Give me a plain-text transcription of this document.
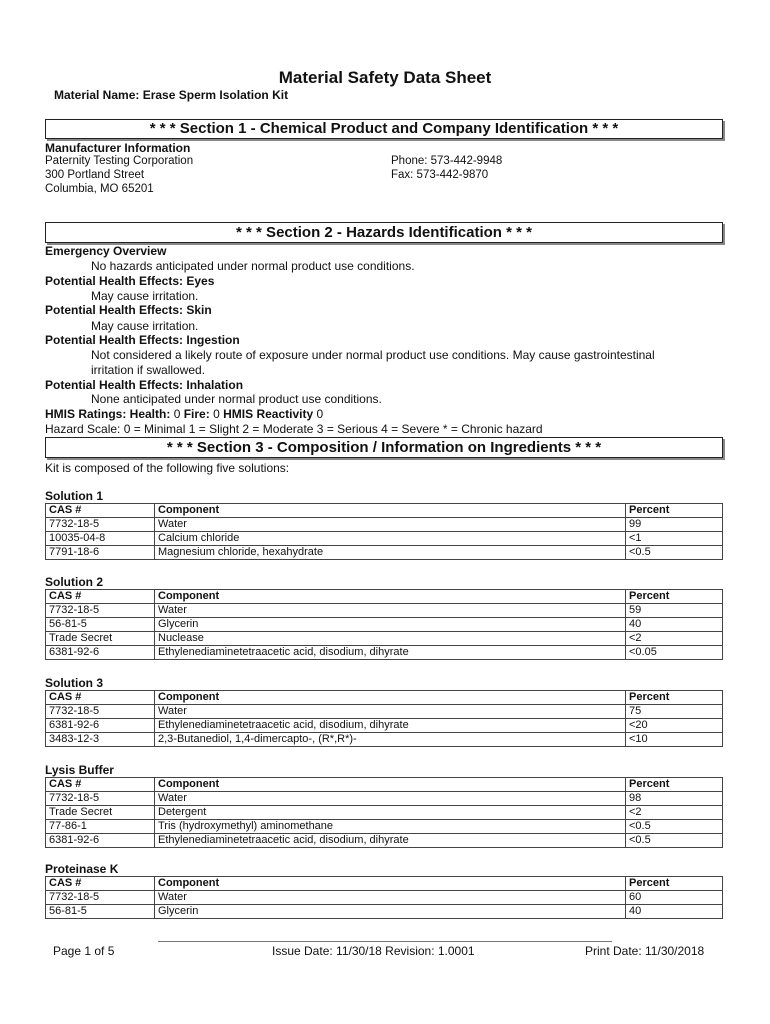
Material Safety Data Sheet
Material Name: Erase Sperm Isolation Kit
* * * Section 1 - Chemical Product and Company Identification * * *
Manufacturer Information
Paternity Testing Corporation
300 Portland Street
Columbia, MO 65201
Phone: 573-442-9948
Fax: 573-442-9870
* * * Section 2 - Hazards Identification * * *
Emergency Overview
No hazards anticipated under normal product use conditions.
Potential Health Effects: Eyes
May cause irritation.
Potential Health Effects: Skin
May cause irritation.
Potential Health Effects: Ingestion
Not considered a likely route of exposure under normal product use conditions. May cause gastrointestinal
irritation if swallowed.
Potential Health Effects: Inhalation
None anticipated under normal product use conditions.
HMIS Ratings: Health: 0 Fire: 0 HMIS Reactivity 0
Hazard Scale: 0 = Minimal 1 = Slight 2 = Moderate 3 = Serious 4 = Severe * = Chronic hazard
* * * Section 3 - Composition / Information on Ingredients * * *
Kit is composed of the following five solutions:
Solution 1
CAS #	Component	Percent
7732-18-5	Water	99
10035-04-8	Calcium chloride	<1
7791-18-6	Magnesium chloride, hexahydrate	<0.5
Solution 2
CAS #	Component	Percent
7732-18-5	Water	59
56-81-5	Glycerin	40
Trade Secret	Nuclease	<2
6381-92-6	Ethylenediaminetetraacetic acid, disodium, dihyrate	<0.05
Solution 3
CAS #	Component	Percent
7732-18-5	Water	75
6381-92-6	Ethylenediaminetetraacetic acid, disodium, dihyrate	<20
3483-12-3	2,3-Butanediol, 1,4-dimercapto-, (R*,R*)-	<10
Lysis Buffer
CAS #	Component	Percent
7732-18-5	Water	98
Trade Secret	Detergent	<2
77-86-1	Tris (hydroxymethyl) aminomethane	<0.5
6381-92-6	Ethylenediaminetetraacetic acid, disodium, dihyrate	<0.5
Proteinase K
CAS #	Component	Percent
7732-18-5	Water	60
56-81-5	Glycerin	40
Page 1 of 5	Issue Date: 11/30/18 Revision: 1.0001	Print Date: 11/30/2018
